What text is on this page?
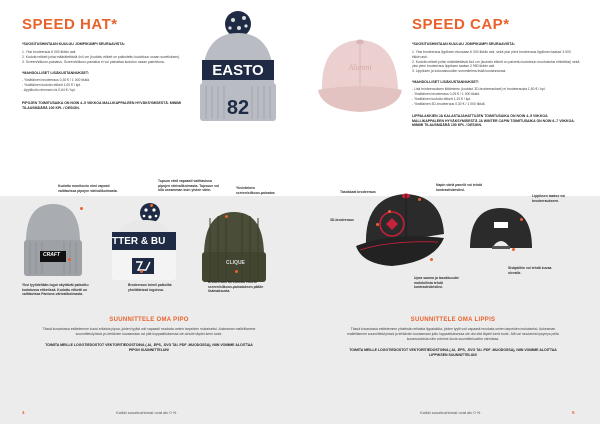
SPEED HAT*
*SUOSITUSHINTAAN KUULUU JOMPIKUMPI SEURAAVISTA:
1. Yksi brodeeraus 6 000 tikkiin asti.
2. Kudottu etikett johta määrätettäviä 4x4 cm (kudottu etikett on paikoitettu kudottuun osaan sovelluksen).
3. Screen/silkoon-painatus. Screen/silkoon-painatus ei voi painattaa kudotun osaan painettuna.
*MAHDOLLISET LISÄKUSTANNUKSET:
- Yksittäinen brodeeraus 0,30 € / 1 000 tikkiä.
- Yksittäinen kudottu etikett 1,00 € / kpl.
- Applikoitu nimmari n/a 0,64 € / kpl.
PIPOJEN TOIMITUSAIKA ON NOIN 4–5 VIIKKOA MALLIKAPPALEEN HYVÄKSYMISESTÄ. MINIMI TILAUSMÄÄRÄ 100 KPL / DESIGN.
EASTO
82
Alumni
SPEED CAP*
*SUOSITUSHINTAAN KUULUU JOMPIKUMPI SEURAAVISTA:
1. Yksi brodeeraus lippiksen etuosaan 6 000 tikkiin asti, sekä yksi pieni brodeeraus lippiksen taakse 3 000 tikkiin asti.
2. Kudottu etikett joihin määrätettäviä 6x4 cm (kudottu etikett on painettu kudottuun muotoiseksi etikettiksi) sekä yksi pieni brodeeraus lippiksen taakse 2 950 tikkiin asti.
3. Lippiksen ja kokonaisuuden sommitelma lisää kustannuksia.
*MAHDOLLISET LISÄKUSTANNUKSET:
- Lisä brodeerauksen liittäminen (kudotut 3D-brodeeraukset) ei brodeerausta 1,50 € / kpl.
- Yksittäinen brodeeraus 0,25 € / 1 000 tikkiä.
- Yksittäinen kudottu etikett 1,10 € / kpl.
- Yksittäinen 3D-brodeeraus 0,30 € / 1 000 tikkiä.
LIPPALAKKIEN JA KALASTAJAHATTUJEN TOIMITUSAIKA ON NOIN 4–5 VIIKKOA MALLIKAPPALEEN HYVÄKSYMISESTÄ JA WINTER CAPIN TOIMITUSAIKA ON NOIN 6–7 VIIKKOA. MINIMI TILAUSMÄÄRÄ 150 KPL / DESIGN.
CRAFT
TTER & BU
CLIQUE
Kudottu monikuvio nimi vaposti valittavissa pipojen värivalikoimasta.
Tupsun värit vapaasti valittavissa pipojen värivalikoimasta. Tupsuun voi olla useamman kuin yhden värin.
Yksivärinen screen/silkoon-painatus
Yksi tyylideltään logot näyttävät paikoiltu kudotussa etiketissä. Kudottu etiketti on valittavissa Pantone-värivalikoimasta.
Brodeeraus toimii paikoilta yksittäisissä logoissa.
Brodeeraus tai kudottu etiketti screen/silkoon-painatuksen päälle lisämaksusta.
Tasokkaat brodeeraus
Napin väriä panelit voi tehdä kontrastivärisiksi.
3D-brodeeraus
Lippiksen taakse voi brodeeraukseen.
Upea sauma ja tasokkuudet mahdollista tehdä kontrastivärisiksi.
Sisäpäihin voi tehdä kuvaa olevalle.
SUUNNITTELE OMA PIPO
Tässä kuvastossa esittelemme kuusi erilaista pipoa, joiden tyylist voit vapaasti muokata omien tarpeiden mukaiseksi. Aukeaman malleillamme suunnittelutyössä yo-tehtävien kuvaamaan ovi pitä kuppaalituksessa ole-sinulle täydel-kemi tuote.
TOIMITA MEILLE LOGOTIEDOSTOT VEKTORITIEDOSTOINA (.AI, .EPS, .SVG TAI .PDF -MUODOSSA), NIIN VOIMME ALOITTAA PIPON SUUNNITTELUN!
SUUNNITTELE OMA LIPPIS
Tässä kuvastossa esittelemme yhdeksän erilaista lippalakkia, joiden tyylit voit vapaasti muokata omien tarpeiden mukaiseksi. Aukeaman malleillamme suunnittelutyössä ja tehtävien kuvaamaan juttu luppaalituksessa ole oisi sitä täydel-kemi tuote. Älä vai muutamia kysymys peita kuvamuotoisia näin voimme kuvia suunnitteluvaihe vahvistaa.
TOIMITA MEILLE LOGOTIEDOSTOT VEKTORITIEDOSTOINA (.AI, .EPS, .SVG TAI .PDF -MUODOSSA), NIIN VOIMME ALOITTAA LIPPIKSEN SUUNNITTELUN!
4	Kaikki suositushinnat ovat alv 0 %	Kaikki suositushinnat ovat alv 0 %	5
